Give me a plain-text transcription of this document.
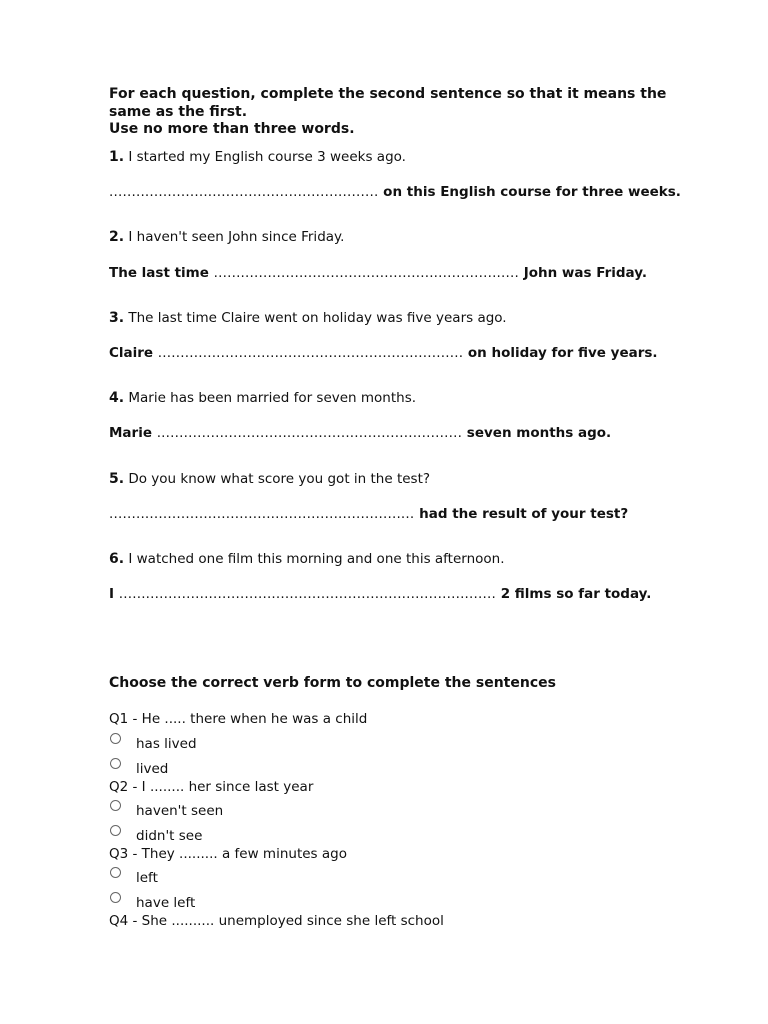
For each question, complete the second sentence so that it means the same as the first.
Use no more than three words.
1. I started my English course 3 weeks ago.
............................................................ on this English course for three weeks.
2. I haven't seen John since Friday.
The last time .................................................................... John was Friday.
3. The last time Claire went on holiday was five years ago.
Claire .................................................................... on holiday for five years.
4. Marie has been married for seven months.
Marie .................................................................... seven months ago.
5. Do you know what score you got in the test?
.................................................................... had the result of your test?
6. I watched one film this morning and one this afternoon.
I .................................................................................... 2 films so far today.
Choose the correct verb form to complete the sentences
Q1 - He ..... there when he was a child
has lived
lived
Q2 - I ........ her since last year
haven't seen
didn't see
Q3 - They ......... a few minutes ago
left
have left
Q4 - She .......... unemployed since she left school
